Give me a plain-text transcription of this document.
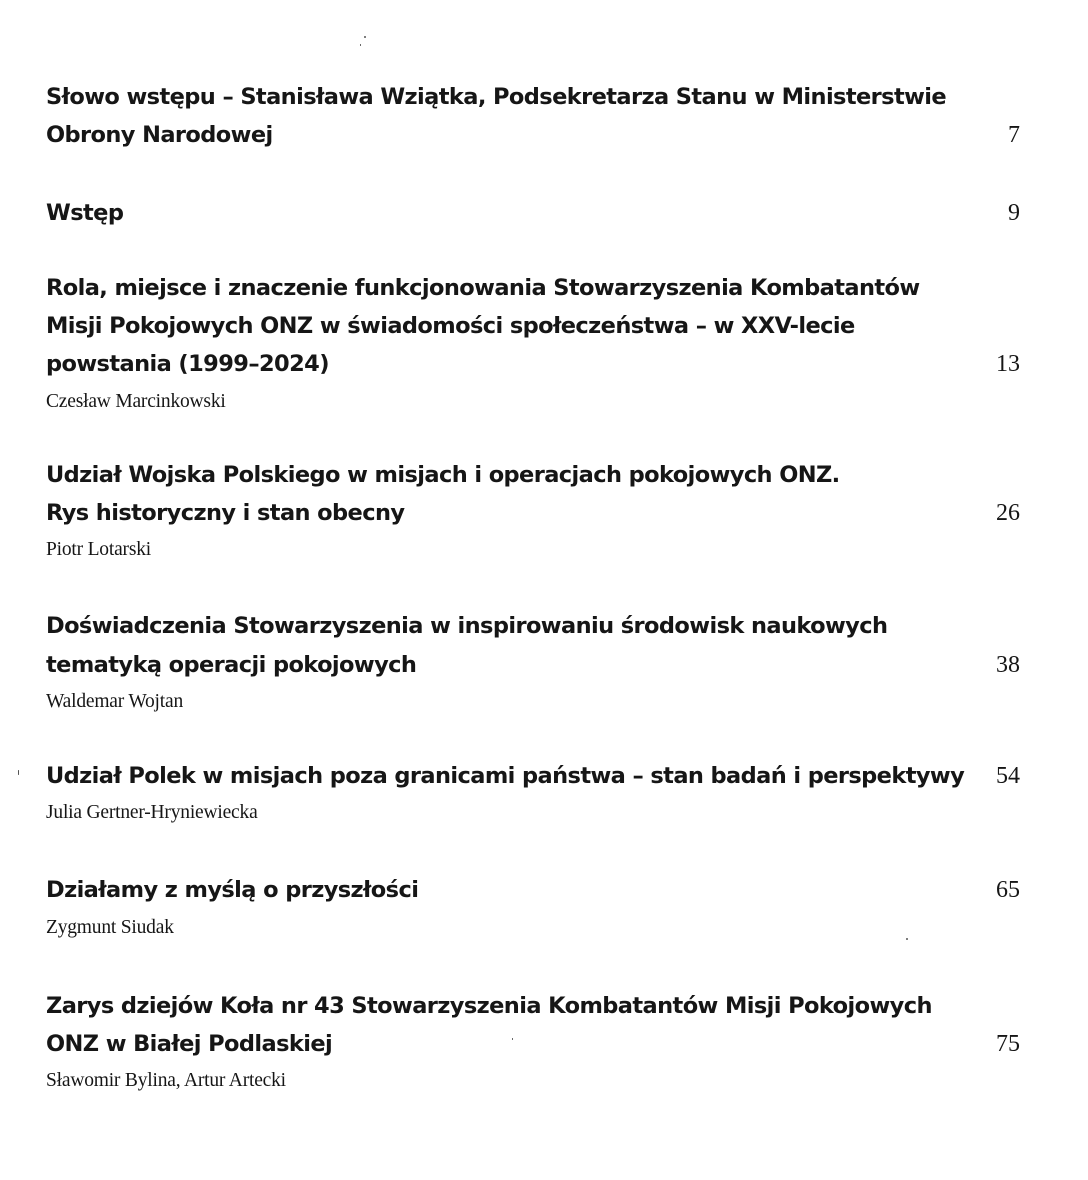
Słowo wstępu – Stanisława Wziątka, Podsekretarza Stanu w Ministerstwie
Obrony Narodowej	7
Wstęp	9
Rola, miejsce i znaczenie funkcjonowania Stowarzyszenia Kombatantów
Misji Pokojowych ONZ w świadomości społeczeństwa – w XXV-lecie
powstania (1999–2024)	13
Czesław Marcinkowski
Udział Wojska Polskiego w misjach i operacjach pokojowych ONZ.
Rys historyczny i stan obecny	26
Piotr Lotarski
Doświadczenia Stowarzyszenia w inspirowaniu środowisk naukowych
tematyką operacji pokojowych	38
Waldemar Wojtan
Udział Polek w misjach poza granicami państwa – stan badań i perspektywy 54
Julia Gertner-Hryniewiecka
Działamy z myślą o przyszłości	65
Zygmunt Siudak
Zarys dziejów Koła nr 43 Stowarzyszenia Kombatantów Misji Pokojowych
ONZ w Białej Podlaskiej	75
Sławomir Bylina, Artur Artecki
